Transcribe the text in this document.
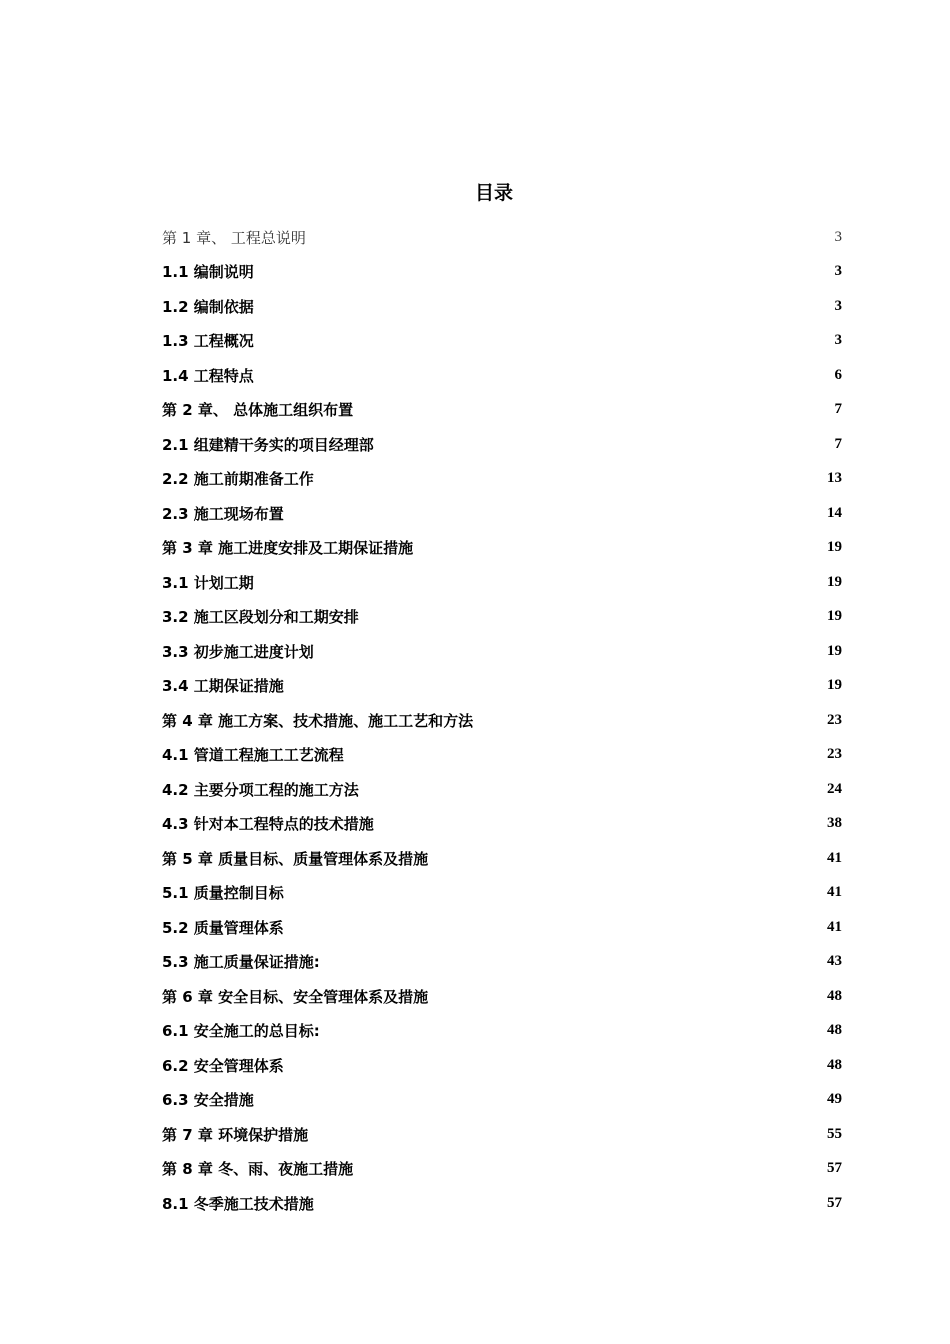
目录
第 1 章、 工程总说明	3
1.1 编制说明	3
1.2 编制依据	3
1.3 工程概况	3
1.4 工程特点	6
第 2 章、 总体施工组织布置	7
2.1 组建精干务实的项目经理部	7
2.2 施工前期准备工作	13
2.3 施工现场布置	14
第 3 章 施工进度安排及工期保证措施	19
3.1 计划工期	19
3.2 施工区段划分和工期安排	19
3.3 初步施工进度计划	19
3.4 工期保证措施	19
第 4 章 施工方案、技术措施、施工工艺和方法	23
4.1 管道工程施工工艺流程	23
4.2 主要分项工程的施工方法	24
4.3 针对本工程特点的技术措施	38
第 5 章 质量目标、质量管理体系及措施	41
5.1 质量控制目标	41
5.2 质量管理体系	41
5.3 施工质量保证措施:	43
第 6 章 安全目标、安全管理体系及措施	48
6.1 安全施工的总目标:	48
6.2 安全管理体系	48
6.3 安全措施	49
第 7 章 环境保护措施	55
第 8 章 冬、雨、夜施工措施	57
8.1 冬季施工技术措施	57
